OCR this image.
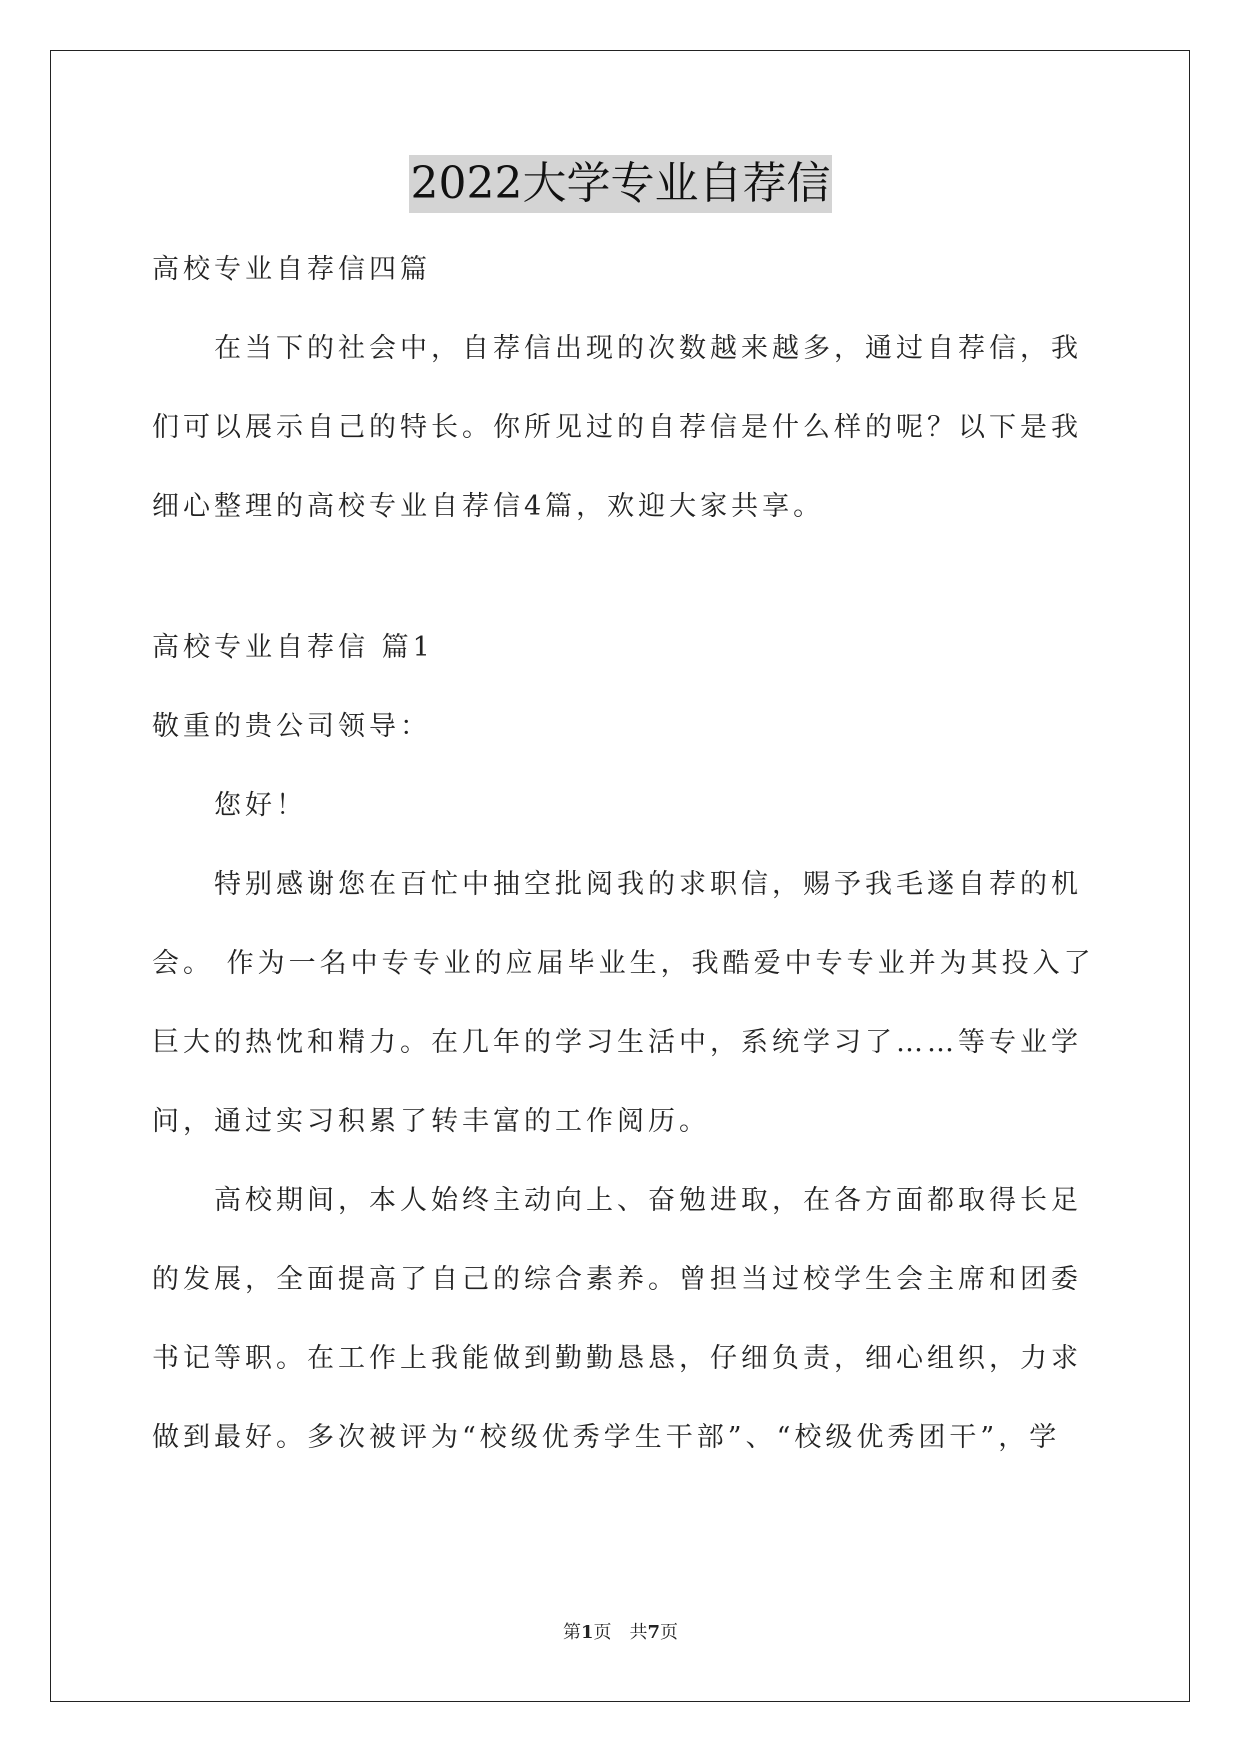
2022大学专业自荐信
高校专业自荐信四篇
在当下的社会中，自荐信出现的次数越来越多，通过自荐信，我
们可以展示自己的特长。你所见过的自荐信是什么样的呢？以下是我
细心整理的高校专业自荐信4篇，欢迎大家共享。
高校专业自荐信 篇1
敬重的贵公司领导：
您好！
特别感谢您在百忙中抽空批阅我的求职信，赐予我毛遂自荐的机
会。 作为一名中专专业的应届毕业生，我酷爱中专专业并为其投入了
巨大的热忱和精力。在几年的学习生活中，系统学习了……等专业学
问，通过实习积累了转丰富的工作阅历。
高校期间，本人始终主动向上、奋勉进取，在各方面都取得长足
的发展，全面提高了自己的综合素养。曾担当过校学生会主席和团委
书记等职。在工作上我能做到勤勤恳恳，仔细负责，细心组织，力求
做到最好。多次被评为“校级优秀学生干部”、“校级优秀团干”，学
第1页　共7页
